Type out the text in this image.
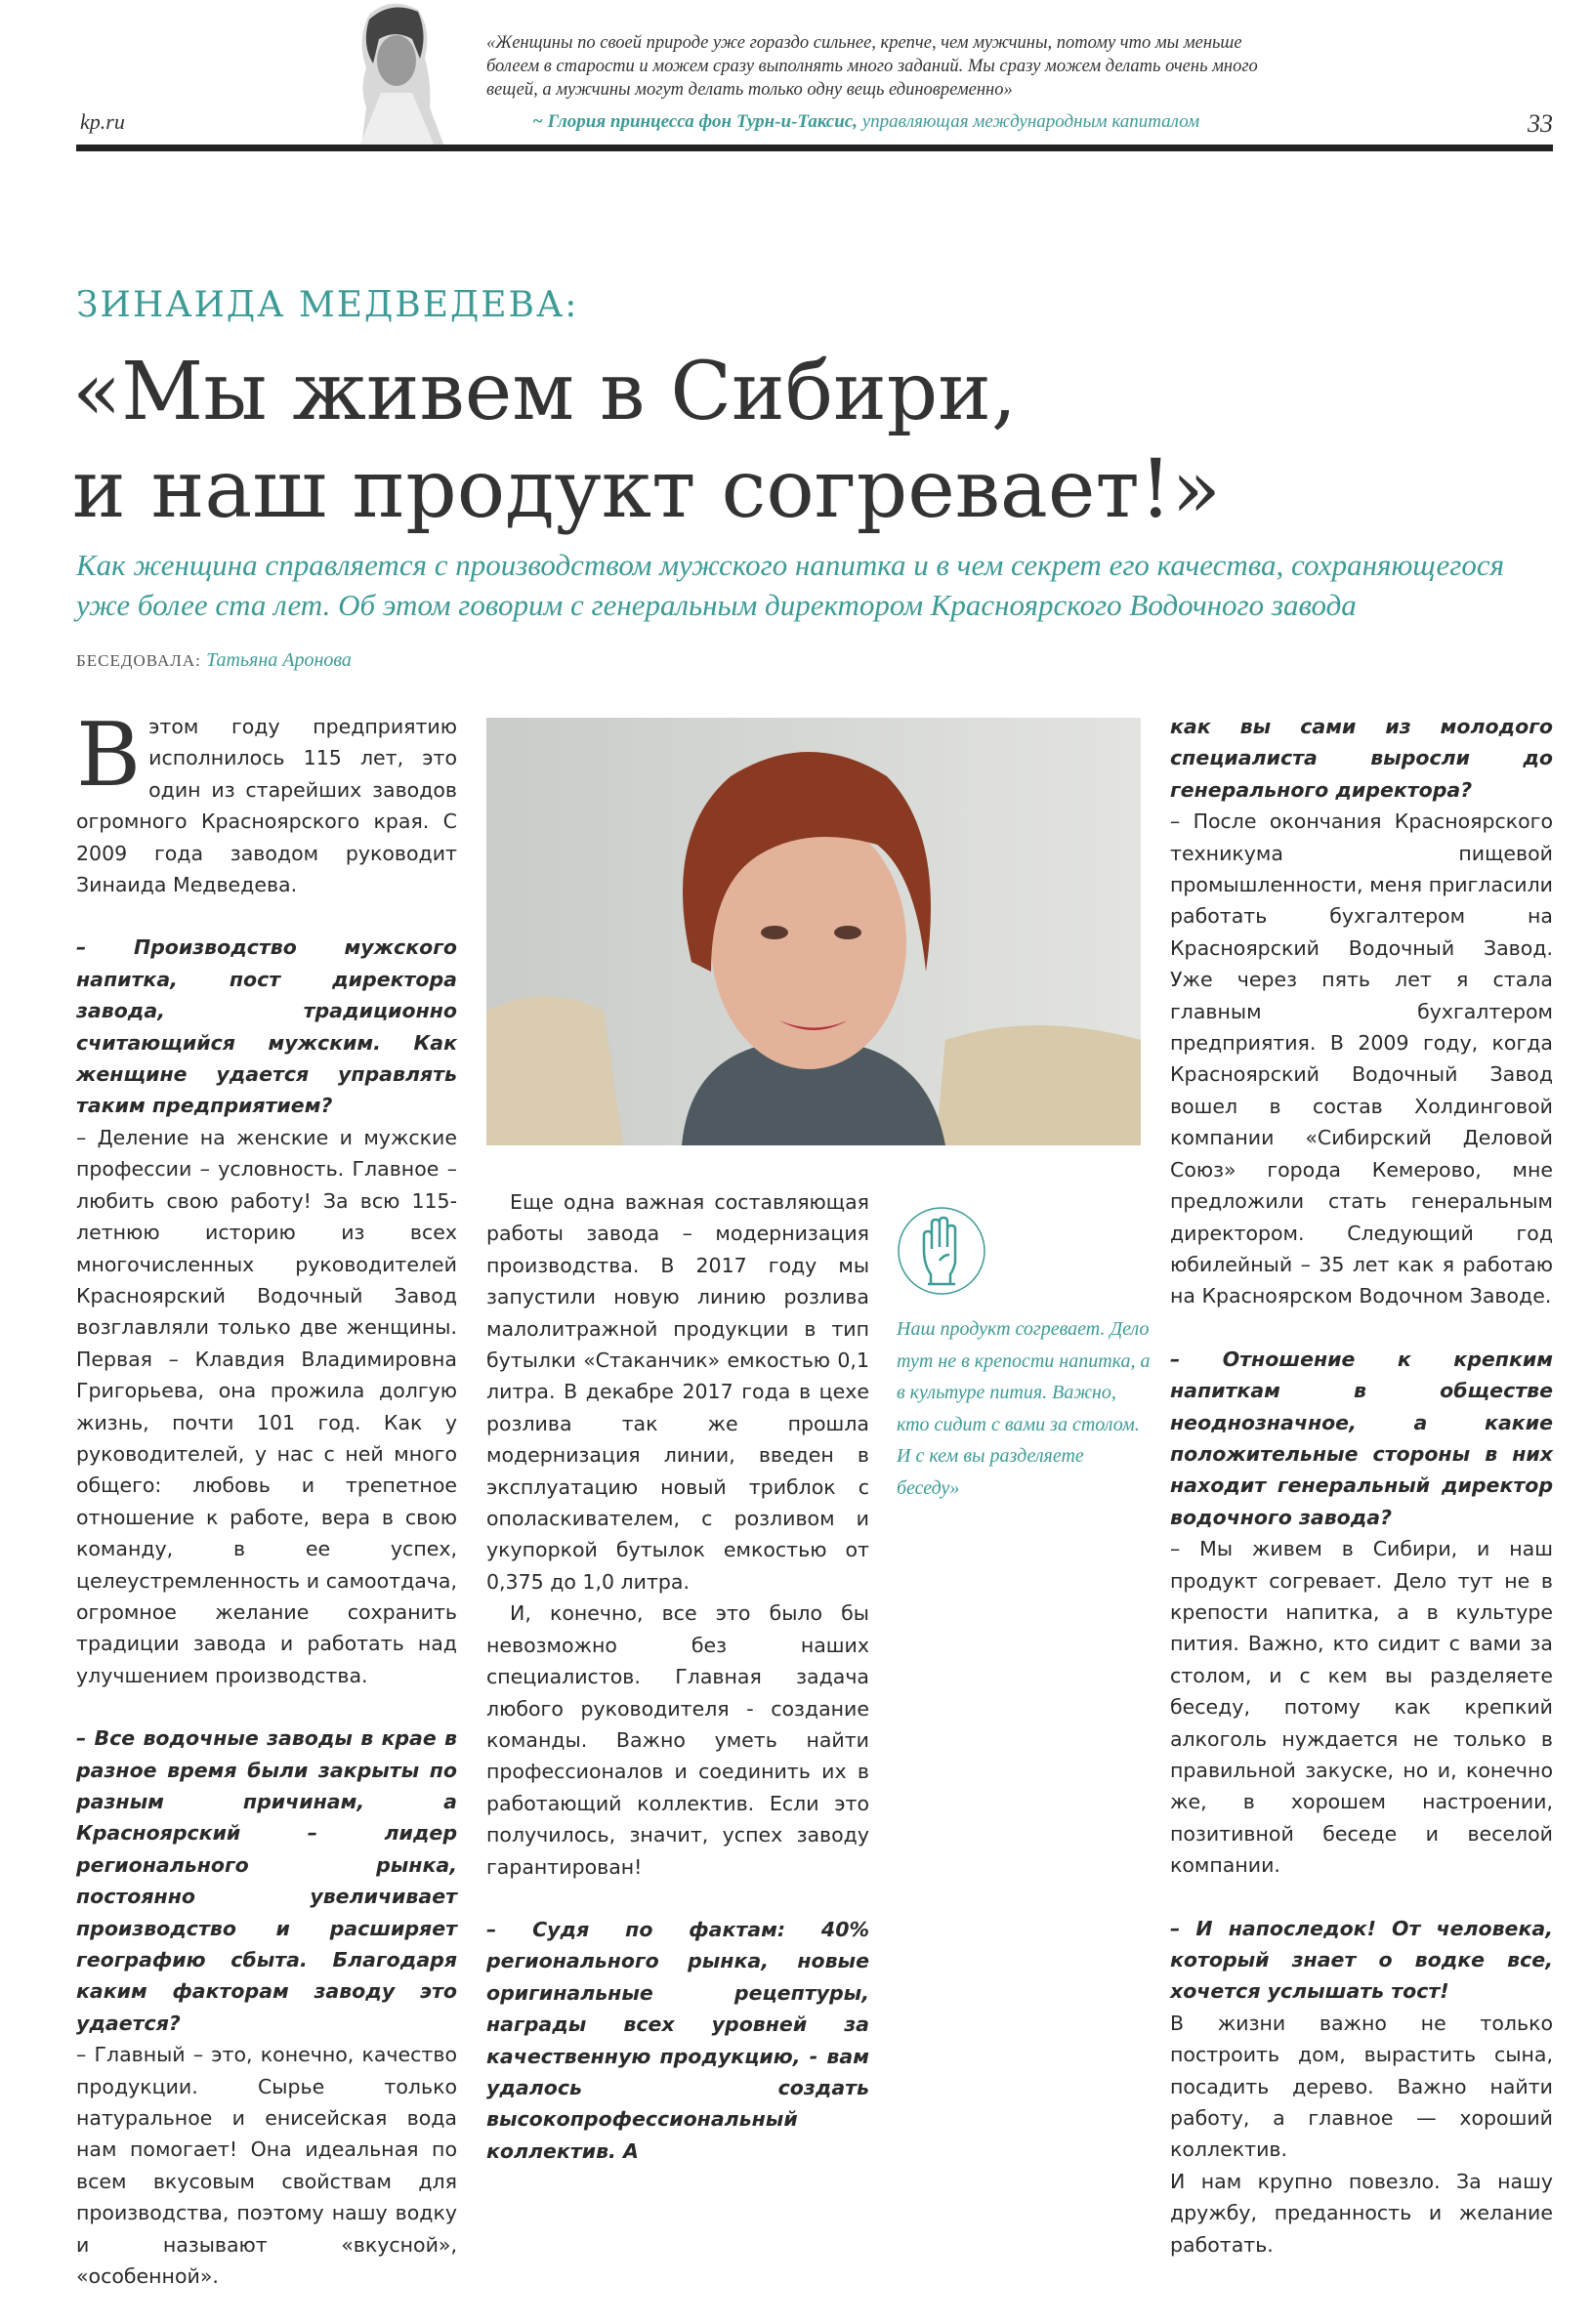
kp.ru	33
«Женщины по своей природе уже гораздо сильнее, крепче, чем мужчины, потому что мы меньше болеем в старости и можем сразу выполнять много заданий. Мы сразу можем делать очень много вещей, а мужчины могут делать только одну вещь единовременно»
~ Глория принцесса фон Турн-и-Таксис, управляющая международным капиталом
ЗИНАИДА МЕДВЕДЕВА:
«Мы живем в Сибири,
и наш продукт согревает!»
Как женщина справляется с производством мужского напитка и в чем секрет его качества, сохраняющегося уже более ста лет. Об этом говорим с генеральным директором Красноярского Водочного завода
БЕСЕДОВАЛА: Татьяна Аронова

Вэтом году предприятию исполнилось 115 лет, это один из старейших заводов огромного Красноярского края. С 2009 года заводом руководит Зинаида Медведева.

– Производство мужского напитка, пост директора завода, традиционно считающийся мужским. Как женщине удается управлять таким предприятием?

– Деление на женские и мужские профессии – условность. Главное – любить свою работу! За всю 115-летнюю историю из всех многочисленных руководителей Красноярский Водочный Завод возглавляли только две женщины. Первая – Клавдия Владимировна Григорьева, она прожила долгую жизнь, почти 101 год. Как у руководителей, у нас с ней много общего: любовь и трепетное отношение к работе, вера в свою команду, в ее успех, целеустремленность и самоотдача, огромное желание сохранить традиции завода и работать над улучшением производства.

– Все водочные заводы в крае в разное время были закрыты по разным причинам, а Красноярский – лидер регионального рынка, постоянно увеличивает производство и расширяет географию сбыта. Благодаря каким факторам заводу это удается?

– Главный – это, конечно, качество продукции. Сырье только натуральное и енисейская вода нам помогает! Она идеальная по всем вкусовым свойствам для производства, поэтому нашу водку и называют «вкусной», «особенной».

Еще одна важная составляющая работы завода – модернизация производства. В 2017 году мы запустили новую линию розлива малолитражной продукции в тип бутылки «Стаканчик» емкостью 0,1 литра. В декабре 2017 года в цехе розлива так же прошла модернизация линии, введен в эксплуатацию новый триблок с ополаскивателем, с розливом и укупоркой бутылок емкостью от 0,375 до 1,0 литра.

И, конечно, все это было бы невозможно без наших специалистов. Главная задача любого руководителя - создание команды. Важно уметь найти профессионалов и соединить их в работающий коллектив. Если это получилось, значит, успех заводу гарантирован!

– Судя по фактам: 40% регионального рынка, новые оригинальные рецептуры, награды всех уровней за качественную продукцию, - вам удалось создать высокопрофессиональный коллектив. А

Наш продукт согревает. Дело тут не в крепости напитка, а в культуре пития. Важно, кто сидит с вами за столом. И с кем вы разделяете беседу»

как вы сами из молодого специалиста выросли до генерального директора?

– После окончания Красноярского техникума пищевой промышленности, меня пригласили работать бухгалтером на Красноярский Водочный Завод. Уже через пять лет я стала главным бухгалтером предприятия. В 2009 году, когда Красноярский Водочный Завод вошел в состав Холдинговой компании «Сибирский Деловой Союз» города Кемерово, мне предложили стать генеральным директором. Следующий год юбилейный – 35 лет как я работаю на Красноярском Водочном Заводе.

– Отношение к крепким напиткам в обществе неоднозначное, а какие положительные стороны в них находит генеральный директор водочного завода?

– Мы живем в Сибири, и наш продукт согревает. Дело тут не в крепости напитка, а в культуре пития. Важно, кто сидит с вами за столом, и с кем вы разделяете беседу, потому как крепкий алкоголь нуждается не только в правильной закуске, но и, конечно же, в хорошем настроении, позитивной беседе и веселой компании.

– И напоследок! От человека, который знает о водке все, хочется услышать тост!

В жизни важно не только построить дом, вырастить сына, посадить дерево. Важно найти работу, а главное — хороший коллектив.

И нам крупно повезло. За нашу дружбу, преданность и желание работать.
